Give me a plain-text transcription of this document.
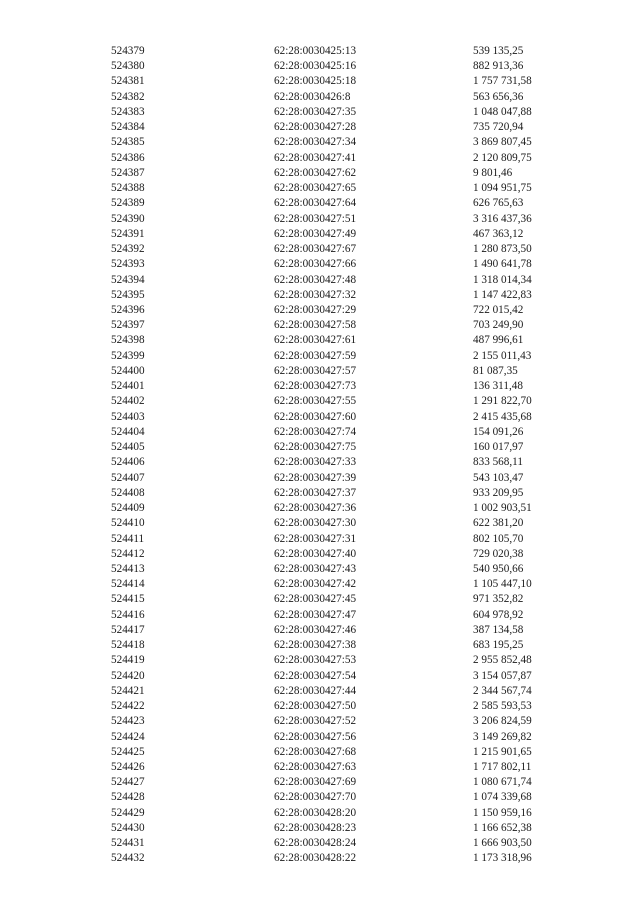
524379	62:28:0030425:13	539 135,25
524380	62:28:0030425:16	882 913,36
524381	62:28:0030425:18	1 757 731,58
524382	62:28:0030426:8	563 656,36
524383	62:28:0030427:35	1 048 047,88
524384	62:28:0030427:28	735 720,94
524385	62:28:0030427:34	3 869 807,45
524386	62:28:0030427:41	2 120 809,75
524387	62:28:0030427:62	9 801,46
524388	62:28:0030427:65	1 094 951,75
524389	62:28:0030427:64	626 765,63
524390	62:28:0030427:51	3 316 437,36
524391	62:28:0030427:49	467 363,12
524392	62:28:0030427:67	1 280 873,50
524393	62:28:0030427:66	1 490 641,78
524394	62:28:0030427:48	1 318 014,34
524395	62:28:0030427:32	1 147 422,83
524396	62:28:0030427:29	722 015,42
524397	62:28:0030427:58	703 249,90
524398	62:28:0030427:61	487 996,61
524399	62:28:0030427:59	2 155 011,43
524400	62:28:0030427:57	81 087,35
524401	62:28:0030427:73	136 311,48
524402	62:28:0030427:55	1 291 822,70
524403	62:28:0030427:60	2 415 435,68
524404	62:28:0030427:74	154 091,26
524405	62:28:0030427:75	160 017,97
524406	62:28:0030427:33	833 568,11
524407	62:28:0030427:39	543 103,47
524408	62:28:0030427:37	933 209,95
524409	62:28:0030427:36	1 002 903,51
524410	62:28:0030427:30	622 381,20
524411	62:28:0030427:31	802 105,70
524412	62:28:0030427:40	729 020,38
524413	62:28:0030427:43	540 950,66
524414	62:28:0030427:42	1 105 447,10
524415	62:28:0030427:45	971 352,82
524416	62:28:0030427:47	604 978,92
524417	62:28:0030427:46	387 134,58
524418	62:28:0030427:38	683 195,25
524419	62:28:0030427:53	2 955 852,48
524420	62:28:0030427:54	3 154 057,87
524421	62:28:0030427:44	2 344 567,74
524422	62:28:0030427:50	2 585 593,53
524423	62:28:0030427:52	3 206 824,59
524424	62:28:0030427:56	3 149 269,82
524425	62:28:0030427:68	1 215 901,65
524426	62:28:0030427:63	1 717 802,11
524427	62:28:0030427:69	1 080 671,74
524428	62:28:0030427:70	1 074 339,68
524429	62:28:0030428:20	1 150 959,16
524430	62:28:0030428:23	1 166 652,38
524431	62:28:0030428:24	1 666 903,50
524432	62:28:0030428:22	1 173 318,96
